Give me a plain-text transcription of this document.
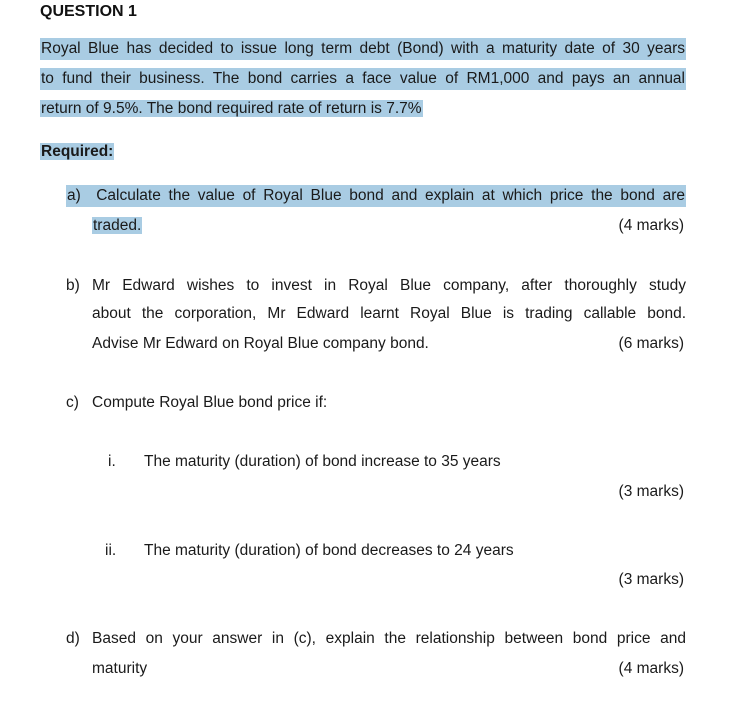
QUESTION 1
Royal Blue has decided to issue long term debt (Bond) with a maturity date of 30 years
to fund their business. The bond carries a face value of RM1,000 and pays an annual
return of 9.5%. The bond required rate of return is 7.7%
Required:
a) Calculate the value of Royal Blue bond and explain at which price the bond are
traded.	(4 marks)
b) Mr Edward wishes to invest in Royal Blue company, after thoroughly study
about the corporation, Mr Edward learnt Royal Blue is trading callable bond.
Advise Mr Edward on Royal Blue company bond.	(6 marks)
c) Compute Royal Blue bond price if:
i. The maturity (duration) of bond increase to 35 years
(3 marks)
ii. The maturity (duration) of bond decreases to 24 years
(3 marks)
d) Based on your answer in (c), explain the relationship between bond price and
maturity	(4 marks)
